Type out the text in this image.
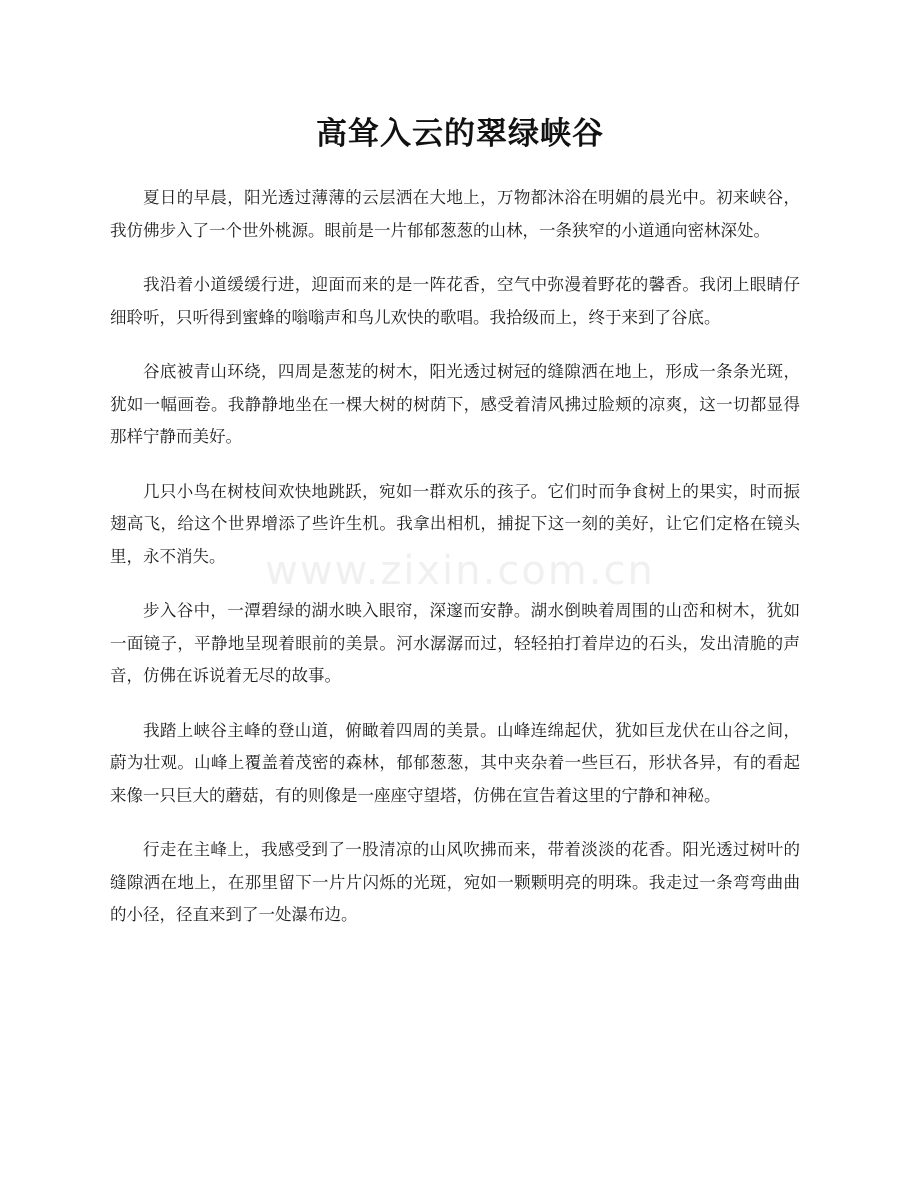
高耸入云的翠绿峡谷
www.zixin.com.cn

夏日的早晨，阳光透过薄薄的云层洒在大地上，万物都沐浴在明媚的晨光中。初来峡谷，我仿佛步入了一个世外桃源。眼前是一片郁郁葱葱的山林，一条狭窄的小道通向密林深处。

我沿着小道缓缓行进，迎面而来的是一阵花香，空气中弥漫着野花的馨香。我闭上眼睛仔细聆听，只听得到蜜蜂的嗡嗡声和鸟儿欢快的歌唱。我拾级而上，终于来到了谷底。

谷底被青山环绕，四周是葱茏的树木，阳光透过树冠的缝隙洒在地上，形成一条条光斑，犹如一幅画卷。我静静地坐在一棵大树的树荫下，感受着清风拂过脸颊的凉爽，这一切都显得那样宁静而美好。

几只小鸟在树枝间欢快地跳跃，宛如一群欢乐的孩子。它们时而争食树上的果实，时而振翅高飞，给这个世界增添了些许生机。我拿出相机，捕捉下这一刻的美好，让它们定格在镜头里，永不消失。

步入谷中，一潭碧绿的湖水映入眼帘，深邃而安静。湖水倒映着周围的山峦和树木，犹如一面镜子，平静地呈现着眼前的美景。河水潺潺而过，轻轻拍打着岸边的石头，发出清脆的声音，仿佛在诉说着无尽的故事。

我踏上峡谷主峰的登山道，俯瞰着四周的美景。山峰连绵起伏，犹如巨龙伏在山谷之间，蔚为壮观。山峰上覆盖着茂密的森林，郁郁葱葱，其中夹杂着一些巨石，形状各异，有的看起来像一只巨大的蘑菇，有的则像是一座座守望塔，仿佛在宣告着这里的宁静和神秘。

行走在主峰上，我感受到了一股清凉的山风吹拂而来，带着淡淡的花香。阳光透过树叶的缝隙洒在地上，在那里留下一片片闪烁的光斑，宛如一颗颗明亮的明珠。我走过一条弯弯曲曲的小径，径直来到了一处瀑布边。
